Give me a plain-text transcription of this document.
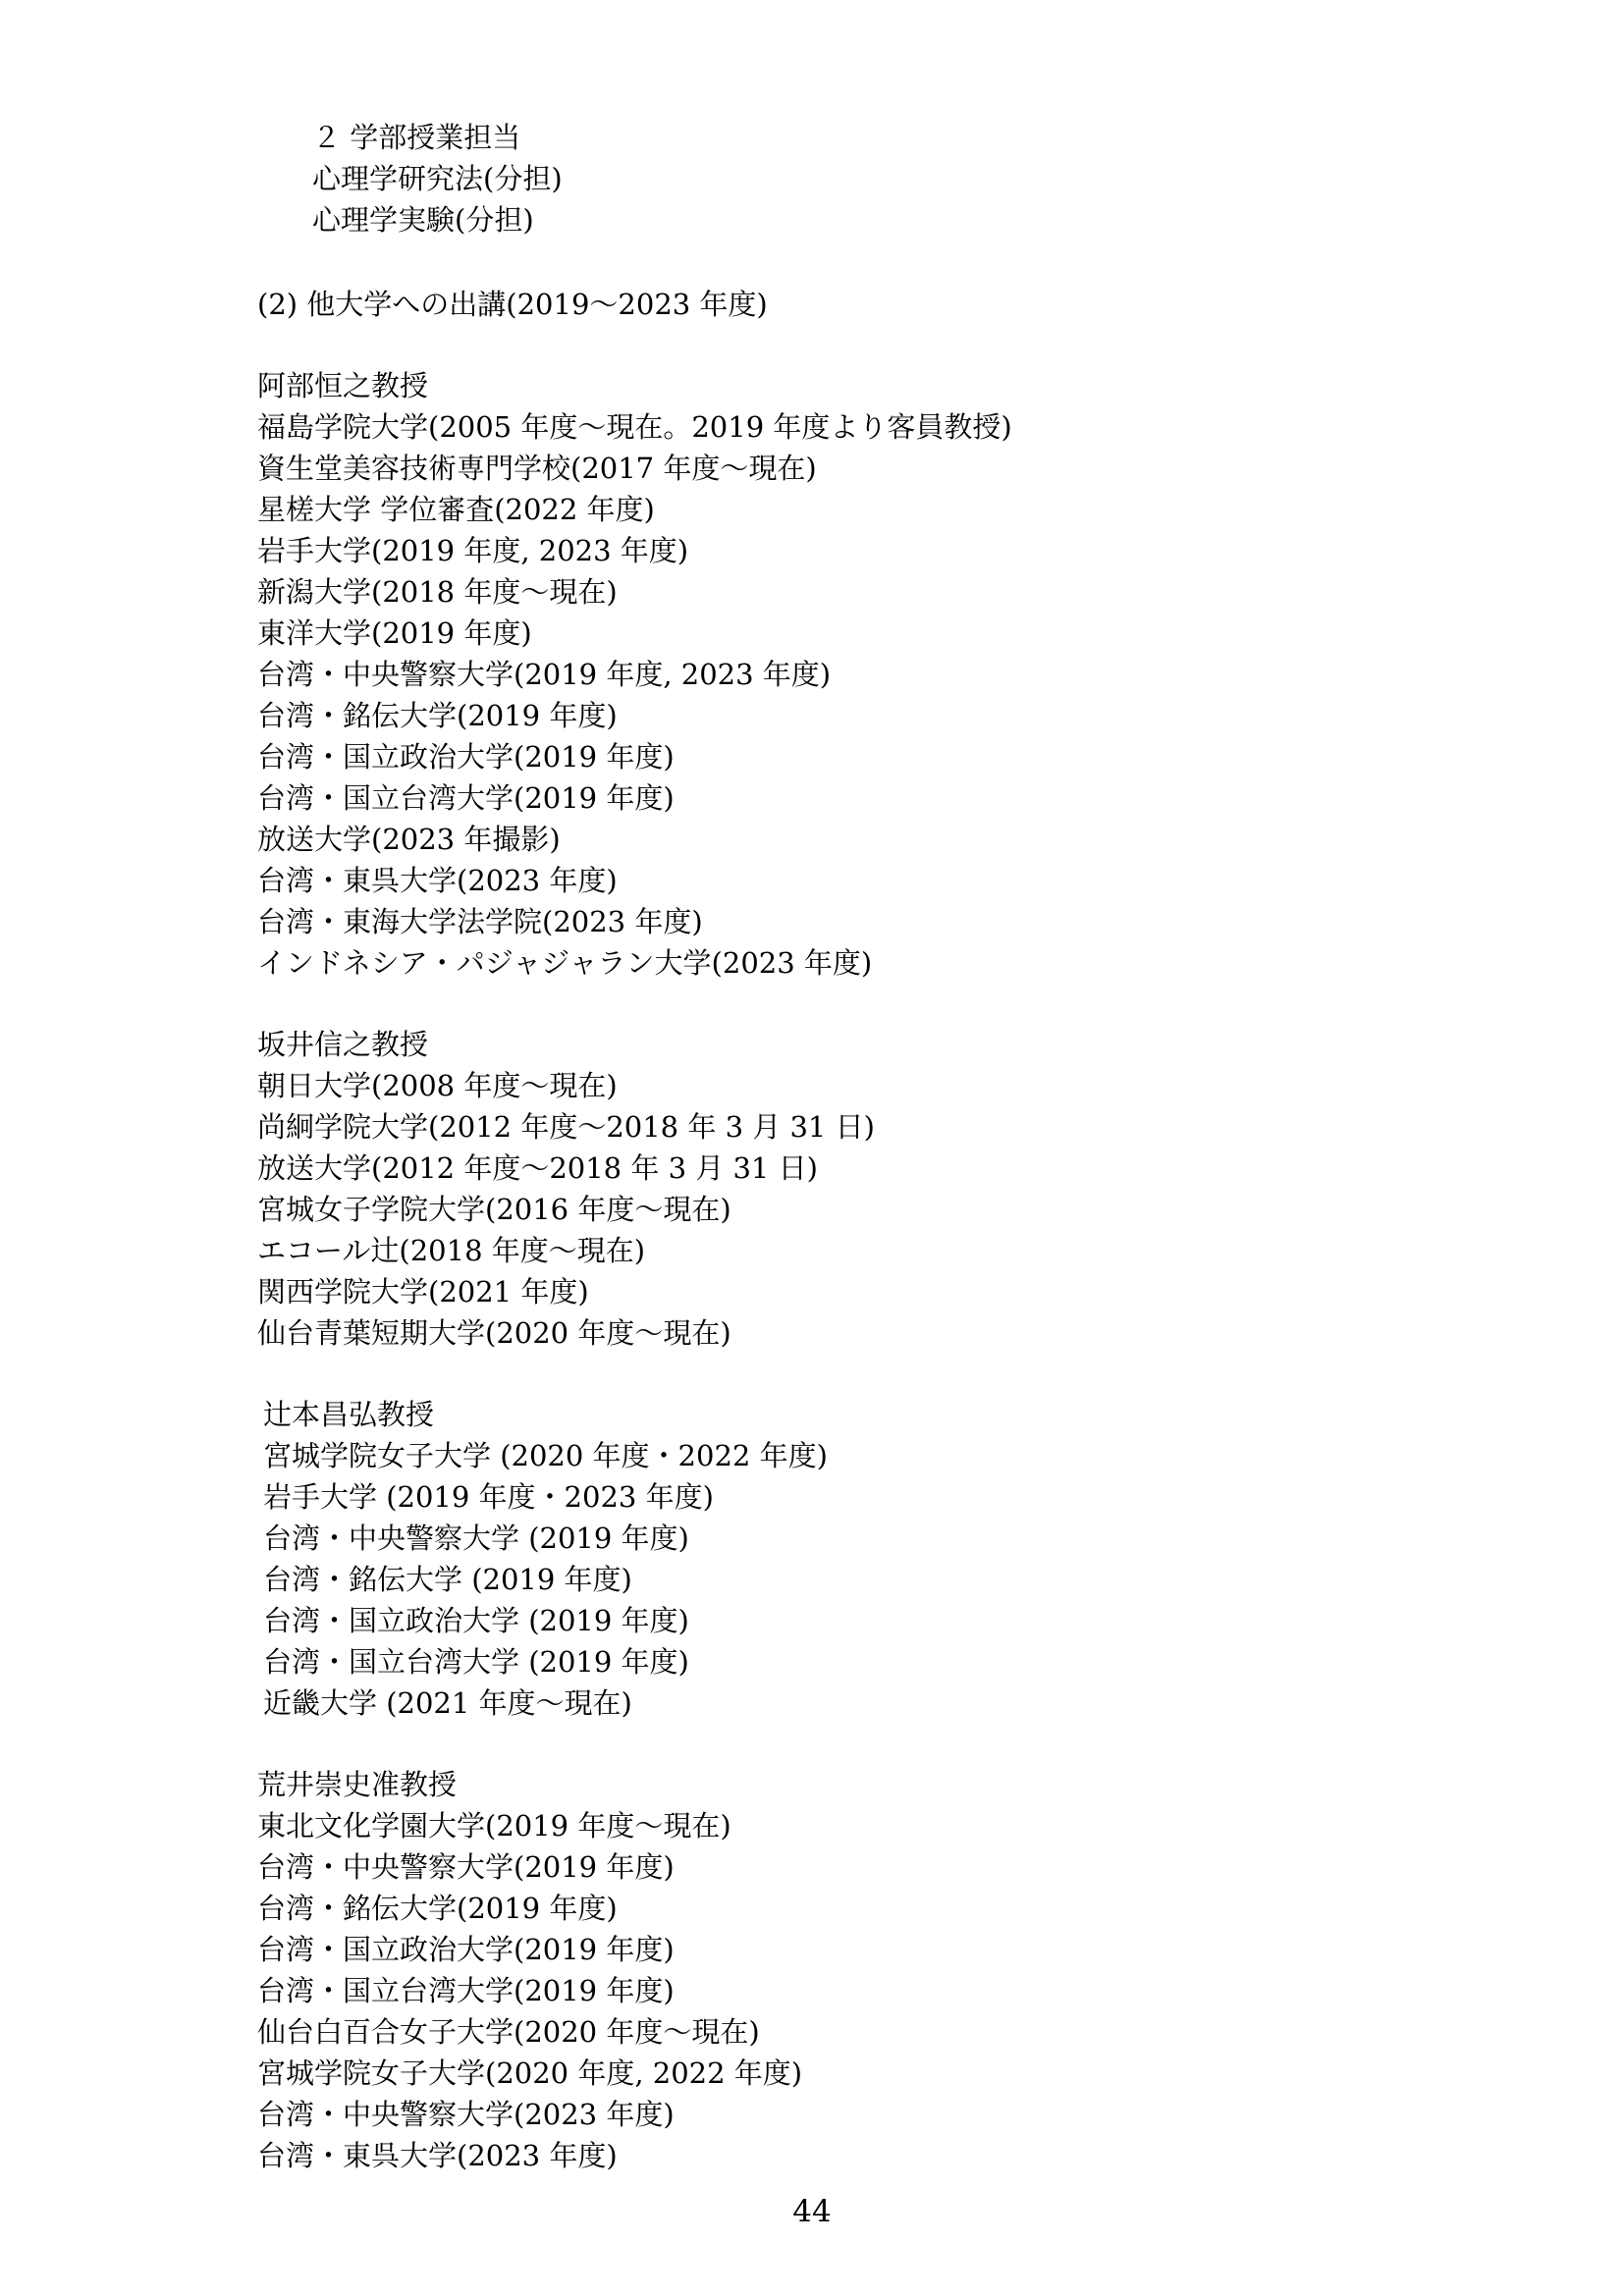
２ 学部授業担当
心理学研究法(分担)
心理学実験(分担)
(2) 他大学への出講(2019〜2023 年度)
阿部恒之教授
福島学院大学(2005 年度〜現在。2019 年度より客員教授)
資生堂美容技術専門学校(2017 年度〜現在)
星槎大学 学位審査(2022 年度)
岩手大学(2019 年度, 2023 年度)
新潟大学(2018 年度〜現在)
東洋大学(2019 年度)
台湾・中央警察大学(2019 年度, 2023 年度)
台湾・銘伝大学(2019 年度)
台湾・国立政治大学(2019 年度)
台湾・国立台湾大学(2019 年度)
放送大学(2023 年撮影)
台湾・東呉大学(2023 年度)
台湾・東海大学法学院(2023 年度)
インドネシア・パジャジャラン大学(2023 年度)
坂井信之教授
朝日大学(2008 年度〜現在)
尚絅学院大学(2012 年度〜2018 年 3 月 31 日)
放送大学(2012 年度〜2018 年 3 月 31 日)
宮城女子学院大学(2016 年度〜現在)
エコール辻(2018 年度〜現在)
関西学院大学(2021 年度)
仙台青葉短期大学(2020 年度〜現在)
辻本昌弘教授
宮城学院女子大学 (2020 年度・2022 年度)
岩手大学 (2019 年度・2023 年度)
台湾・中央警察大学 (2019 年度)
台湾・銘伝大学 (2019 年度)
台湾・国立政治大学 (2019 年度)
台湾・国立台湾大学 (2019 年度)
近畿大学 (2021 年度〜現在)
荒井崇史准教授
東北文化学園大学(2019 年度〜現在)
台湾・中央警察大学(2019 年度)
台湾・銘伝大学(2019 年度)
台湾・国立政治大学(2019 年度)
台湾・国立台湾大学(2019 年度)
仙台白百合女子大学(2020 年度〜現在)
宮城学院女子大学(2020 年度, 2022 年度)
台湾・中央警察大学(2023 年度)
台湾・東呉大学(2023 年度)
44
